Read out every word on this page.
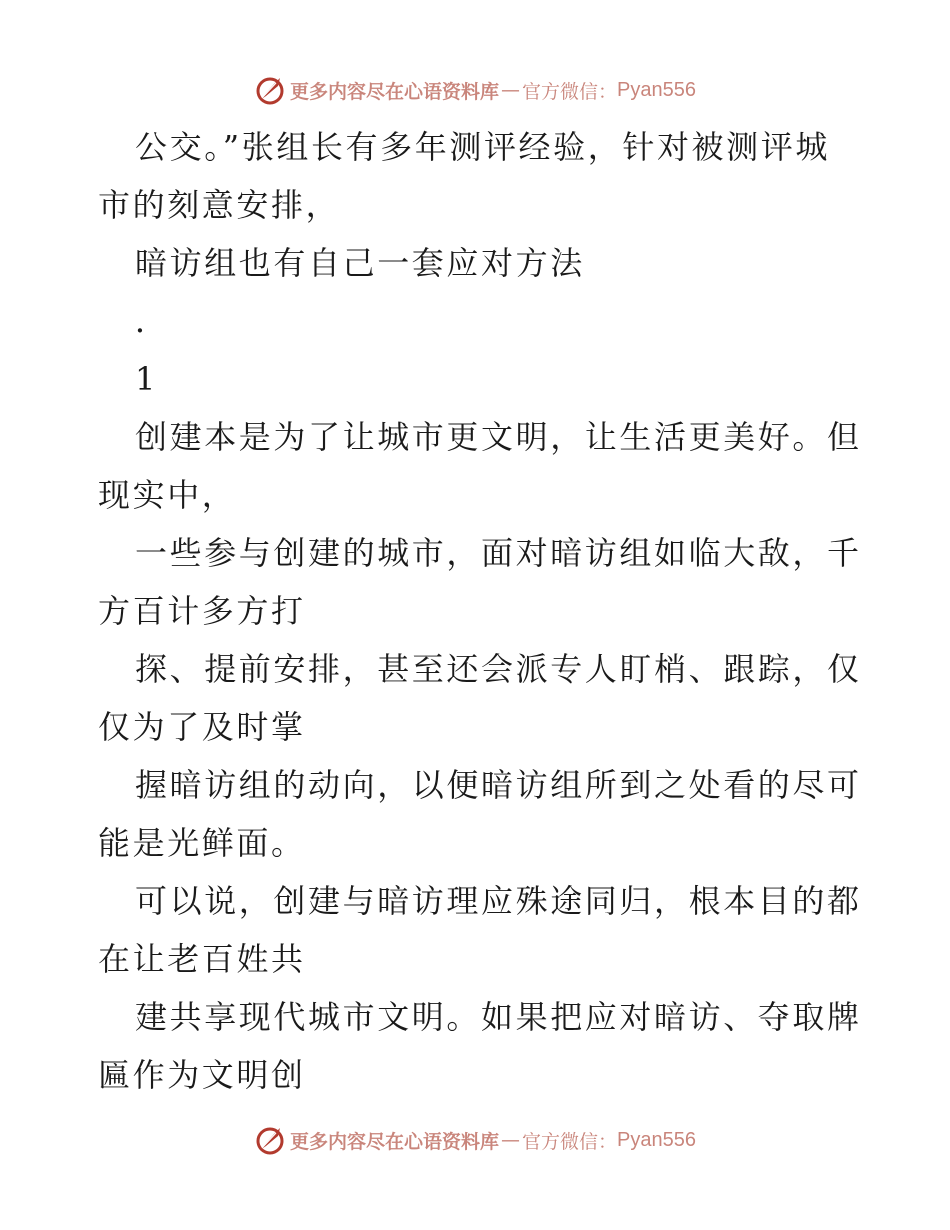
更多内容尽在心语资料库 — 官方微信： Pyan556
公交。”张组长有多年测评经验，针对被测评城
市的刻意安排，
暗访组也有自己一套应对方法
．
1
创建本是为了让城市更文明，让生活更美好。但
现实中，
一些参与创建的城市，面对暗访组如临大敌，千
方百计多方打
探、提前安排，甚至还会派专人盯梢、跟踪，仅
仅为了及时掌
握暗访组的动向，以便暗访组所到之处看的尽可
能是光鲜面。
可以说，创建与暗访理应殊途同归，根本目的都
在让老百姓共
建共享现代城市文明。如果把应对暗访、夺取牌
匾作为文明创
更多内容尽在心语资料库 — 官方微信： Pyan556
